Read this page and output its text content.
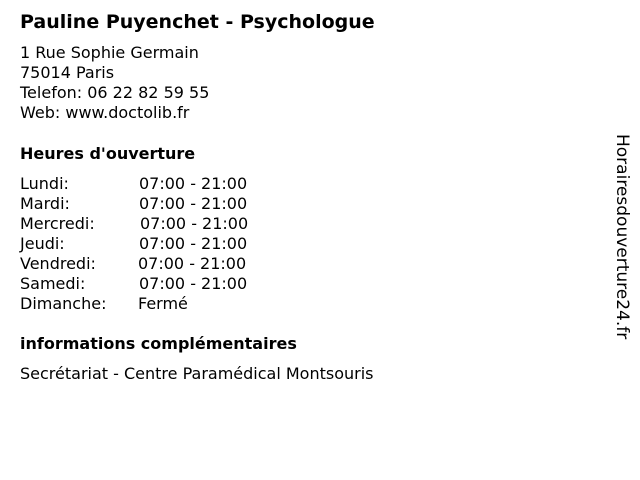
Pauline Puyenchet - Psychologue
1 Rue Sophie Germain
75014 Paris
Telefon: 06 22 82 59 55
Web: www.doctolib.fr
Heures d'ouverture
Lundi:	07:00 - 21:00
Mardi:	07:00 - 21:00
Mercredi:	07:00 - 21:00
Jeudi:	07:00 - 21:00
Vendredi:	07:00 - 21:00
Samedi:	07:00 - 21:00
Dimanche: Fermé
informations complémentaires
Secrétariat - Centre Paramédical Montsouris
Horairesdouverture24.fr
